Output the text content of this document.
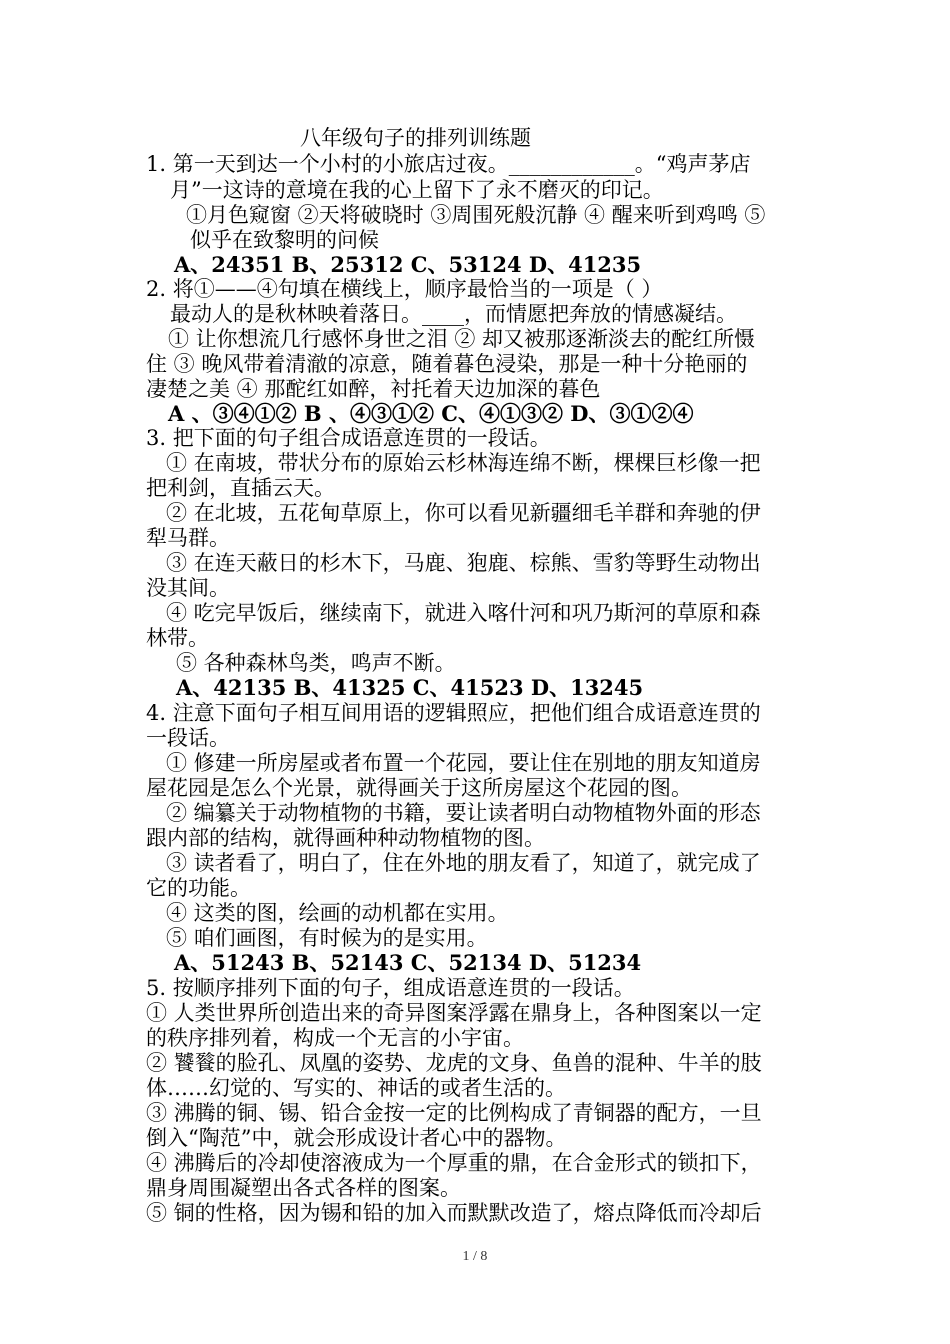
八年级句子的排列训练题
1. 第一天到达一个小村的小旅店过夜。____________。“鸡声茅店
月”一这诗的意境在我的心上留下了永不磨灭的印记。
①月色窥窗 ②天将破晓时 ③周围死般沉静 ④ 醒来听到鸡鸣 ⑤
似乎在致黎明的问候
A、24351 B、25312 C、53124 D、41235
2. 将①——④句填在横线上，顺序最恰当的一项是（ ）
最动人的是秋林映着落日。____，而情愿把奔放的情感凝结。
① 让你想流几行感怀身世之泪 ② 却又被那逐渐淡去的酡红所慑
住 ③ 晚风带着清澈的凉意，随着暮色浸染，那是一种十分艳丽的
凄楚之美 ④ 那酡红如醉，衬托着天边加深的暮色
A 、③④①② B 、④③①② C、④①③② D、③①②④
3. 把下面的句子组合成语意连贯的一段话。
① 在南坡，带状分布的原始云杉林海连绵不断，棵棵巨杉像一把
把利剑，直插云天。
② 在北坡，五花甸草原上，你可以看见新疆细毛羊群和奔驰的伊
犁马群。
③ 在连天蔽日的杉木下，马鹿、狍鹿、棕熊、雪豹等野生动物出
没其间。
④ 吃完早饭后，继续南下，就进入喀什河和巩乃斯河的草原和森
林带。
⑤ 各种森林鸟类，鸣声不断。
A、42135 B、41325 C、41523 D、13245
4. 注意下面句子相互间用语的逻辑照应，把他们组合成语意连贯的
一段话。
① 修建一所房屋或者布置一个花园，要让住在别地的朋友知道房
屋花园是怎么个光景，就得画关于这所房屋这个花园的图。
② 编纂关于动物植物的书籍，要让读者明白动物植物外面的形态
跟内部的结构，就得画种种动物植物的图。
③ 读者看了，明白了，住在外地的朋友看了，知道了，就完成了
它的功能。
④ 这类的图，绘画的动机都在实用。
⑤ 咱们画图，有时候为的是实用。
A、51243 B、52143 C、52134 D、51234
5. 按顺序排列下面的句子，组成语意连贯的一段话。
① 人类世界所创造出来的奇异图案浮露在鼎身上，各种图案以一定
的秩序排列着，构成一个无言的小宇宙。
② 饕餮的脸孔、凤凰的姿势、龙虎的文身、鱼兽的混种、牛羊的肢
体……幻觉的、写实的、神话的或者生活的。
③ 沸腾的铜、锡、铅合金按一定的比例构成了青铜器的配方，一旦
倒入“陶范”中，就会形成设计者心中的器物。
④ 沸腾后的冷却使溶液成为一个厚重的鼎，在合金形式的锁扣下，
鼎身周围凝塑出各式各样的图案。
⑤ 铜的性格，因为锡和铅的加入而默默改造了，熔点降低而冷却后
1 / 8
